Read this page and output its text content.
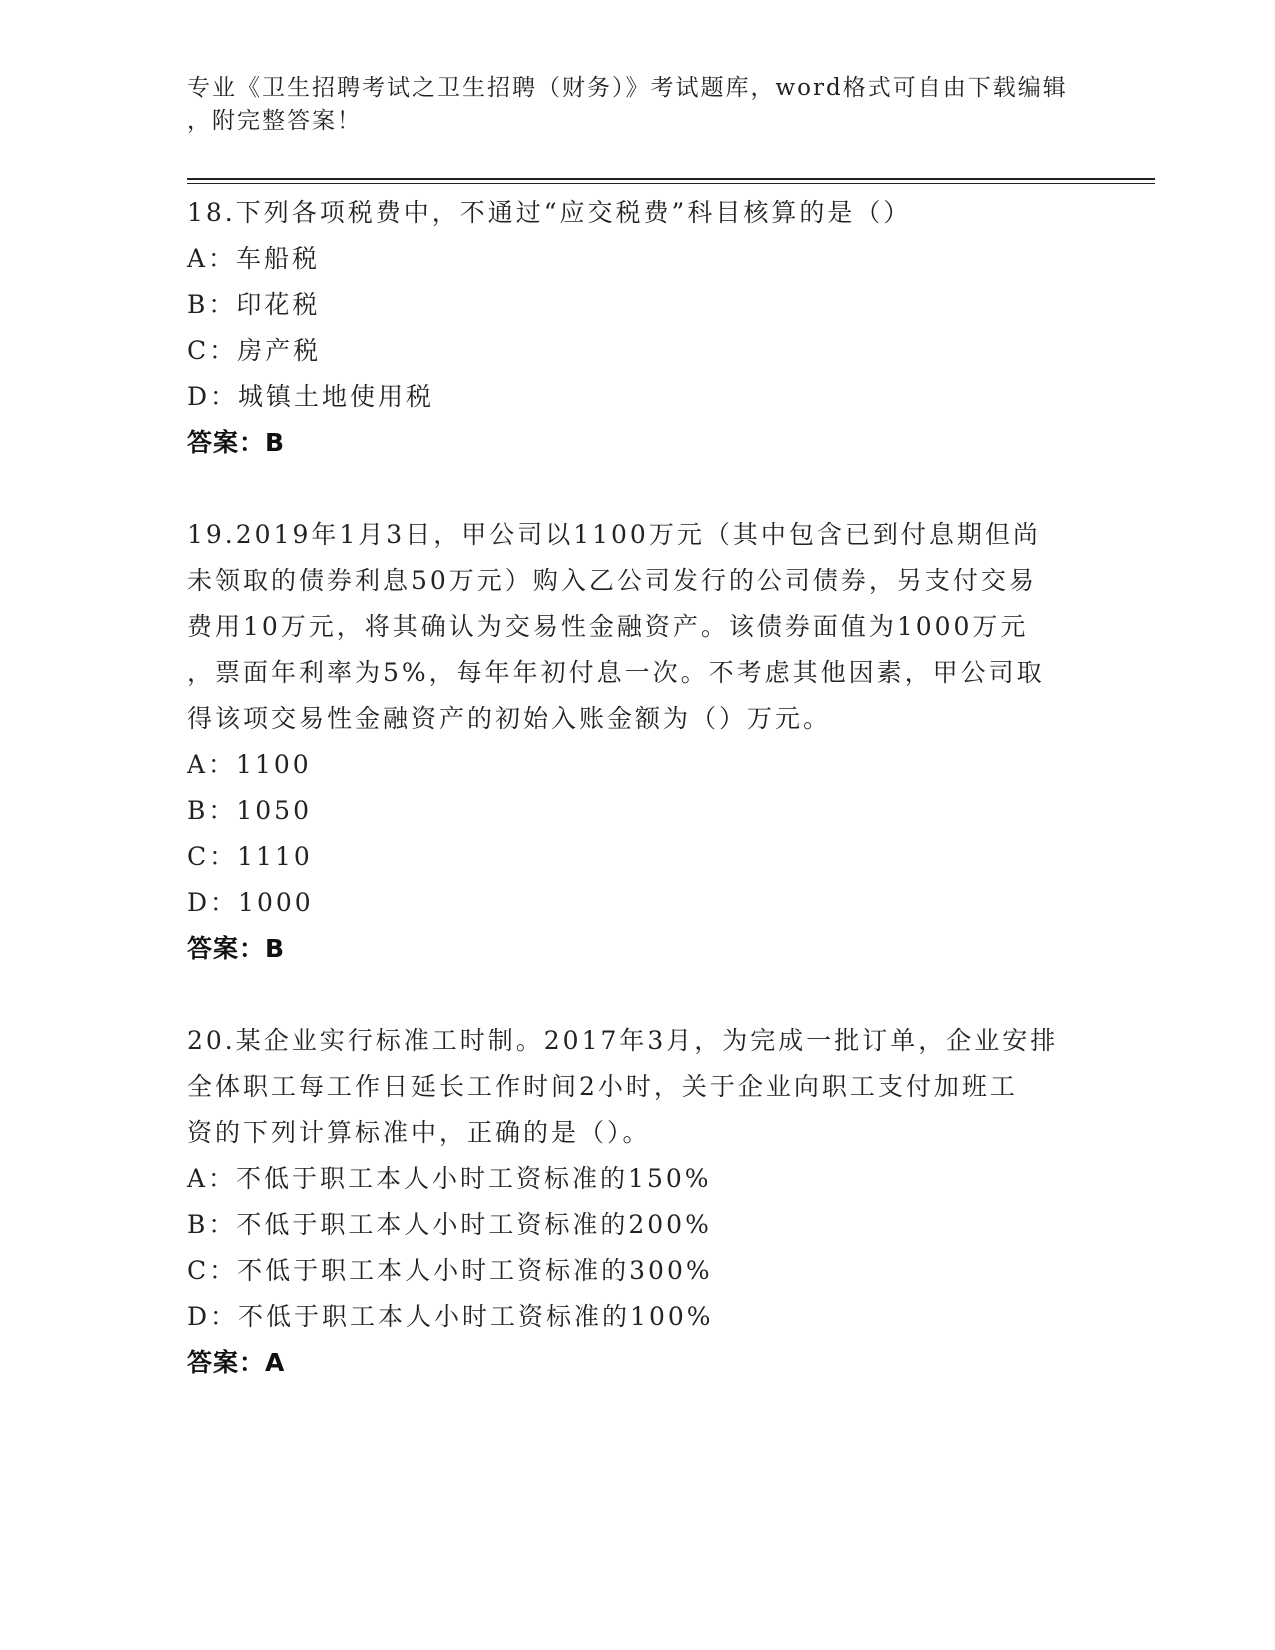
专业《卫生招聘考试之卫生招聘（财务）》考试题库，word格式可自由下载编辑
，附完整答案！
18.下列各项税费中，不通过“应交税费”科目核算的是（）
A：车船税
B：印花税
C：房产税
D：城镇土地使用税
答案：B
19.2019年1月3日，甲公司以1100万元（其中包含已到付息期但尚
未领取的债券利息50万元）购入乙公司发行的公司债券，另支付交易
费用10万元，将其确认为交易性金融资产。该债券面值为1000万元
，票面年利率为5%，每年年初付息一次。不考虑其他因素，甲公司取
得该项交易性金融资产的初始入账金额为（）万元。
A：1100
B：1050
C：1110
D：1000
答案：B
20.某企业实行标准工时制。2017年3月，为完成一批订单，企业安排
全体职工每工作日延长工作时间2小时，关于企业向职工支付加班工
资的下列计算标准中，正确的是（）。
A：不低于职工本人小时工资标准的150%
B：不低于职工本人小时工资标准的200%
C：不低于职工本人小时工资标准的300%
D：不低于职工本人小时工资标准的100%
答案：A
